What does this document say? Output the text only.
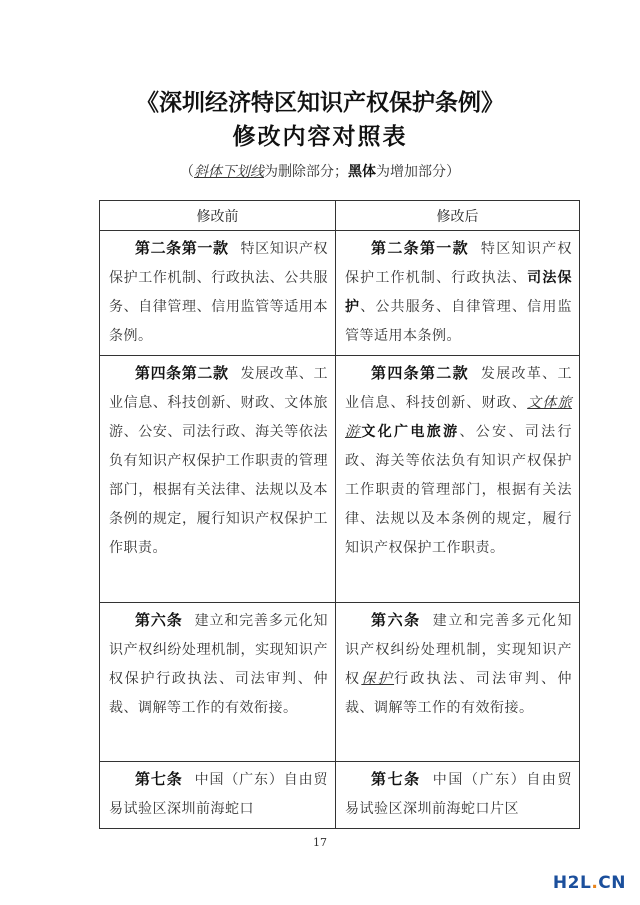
《深圳经济特区知识产权保护条例》
修改内容对照表
（斜体下划线为删除部分；黑体为增加部分）
修改前	修改后
第二条第一款 特区知识产权保护工作机制、行政执法、公共服务、自律管理、信用监管等适用本条例。	第二条第一款 特区知识产权保护工作机制、行政执法、司法保护、公共服务、自律管理、信用监管等适用本条例。
第四条第二款 发展改革、工业信息、科技创新、财政、文体旅游、公安、司法行政、海关等依法负有知识产权保护工作职责的管理部门，根据有关法律、法规以及本条例的规定，履行知识产权保护工作职责。	第四条第二款 发展改革、工业信息、科技创新、财政、文体旅游文化广电旅游、公安、司法行政、海关等依法负有知识产权保护工作职责的管理部门，根据有关法律、法规以及本条例的规定，履行知识产权保护工作职责。
第六条 建立和完善多元化知识产权纠纷处理机制，实现知识产权保护行政执法、司法审判、仲裁、调解等工作的有效衔接。	第六条 建立和完善多元化知识产权纠纷处理机制，实现知识产权保护行政执法、司法审判、仲裁、调解等工作的有效衔接。
第七条 中国（广东）自由贸易试验区深圳前海蛇口	第七条 中国（广东）自由贸易试验区深圳前海蛇口片区
17
H2L.CN
